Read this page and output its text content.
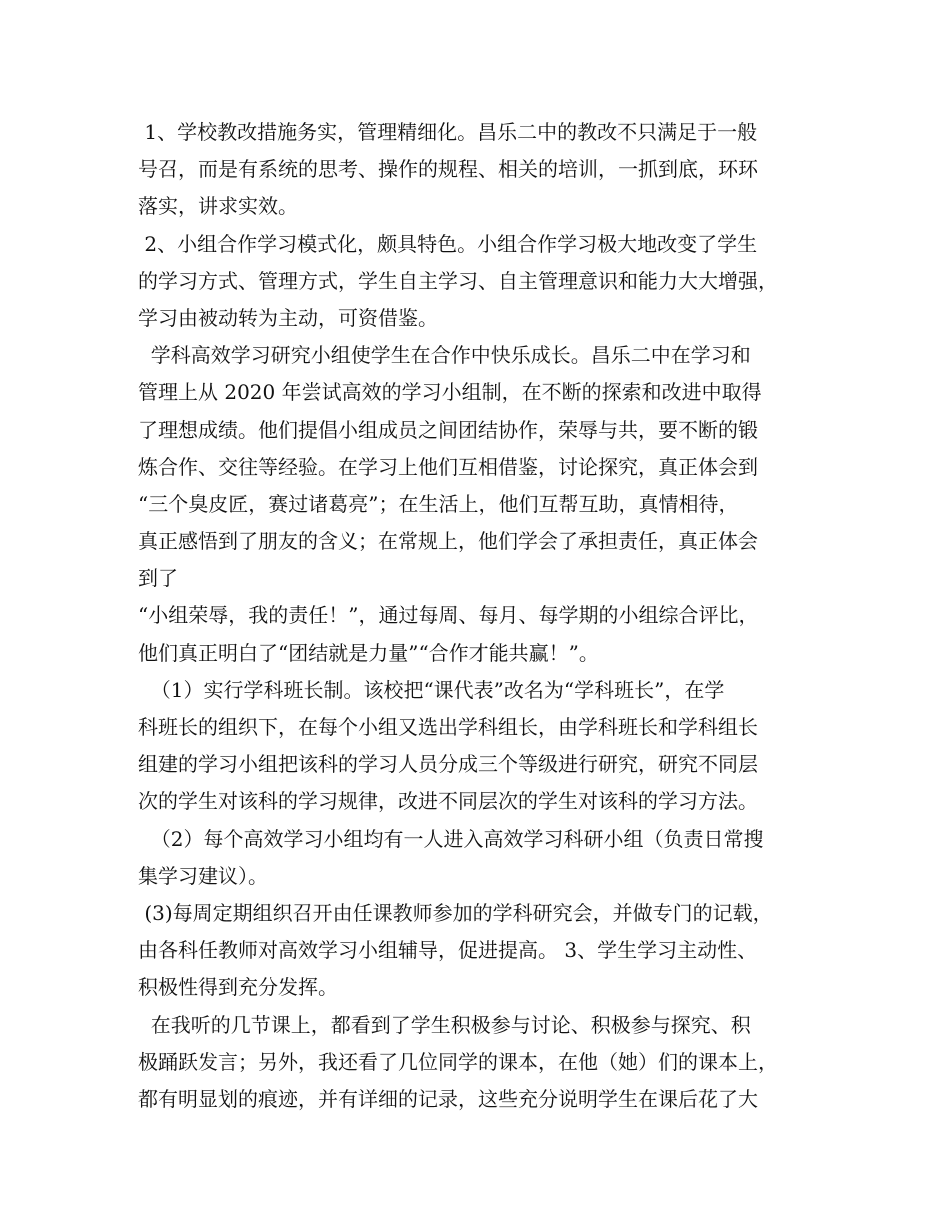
1、学校教改措施务实，管理精细化。昌乐二中的教改不只满足于一般
号召，而是有系统的思考、操作的规程、相关的培训，一抓到底，环环
落实，讲求实效。
2、小组合作学习模式化，颇具特色。小组合作学习极大地改变了学生
的学习方式、管理方式，学生自主学习、自主管理意识和能力大大增强，
学习由被动转为主动，可资借鉴。
学科高效学习研究小组使学生在合作中快乐成长。昌乐二中在学习和
管理上从 2020 年尝试高效的学习小组制，在不断的探索和改进中取得
了理想成绩。他们提倡小组成员之间团结协作，荣辱与共，要不断的锻
炼合作、交往等经验。在学习上他们互相借鉴，讨论探究，真正体会到
“三个臭皮匠，赛过诸葛亮”；在生活上，他们互帮互助，真情相待，
真正感悟到了朋友的含义；在常规上，他们学会了承担责任，真正体会
到了
“小组荣辱，我的责任！”，通过每周、每月、每学期的小组综合评比，
他们真正明白了“团结就是力量”“合作才能共赢！”。
（1）实行学科班长制。该校把“课代表”改名为“学科班长”，在学
科班长的组织下，在每个小组又选出学科组长，由学科班长和学科组长
组建的学习小组把该科的学习人员分成三个等级进行研究，研究不同层
次的学生对该科的学习规律，改进不同层次的学生对该科的学习方法。
（2）每个高效学习小组均有一人进入高效学习科研小组（负责日常搜
集学习建议）。
(3)每周定期组织召开由任课教师参加的学科研究会，并做专门的记载，
由各科任教师对高效学习小组辅导，促进提高。 3、学生学习主动性、
积极性得到充分发挥。
在我听的几节课上，都看到了学生积极参与讨论、积极参与探究、积
极踊跃发言；另外，我还看了几位同学的课本，在他（她）们的课本上，
都有明显划的痕迹，并有详细的记录，这些充分说明学生在课后花了大
